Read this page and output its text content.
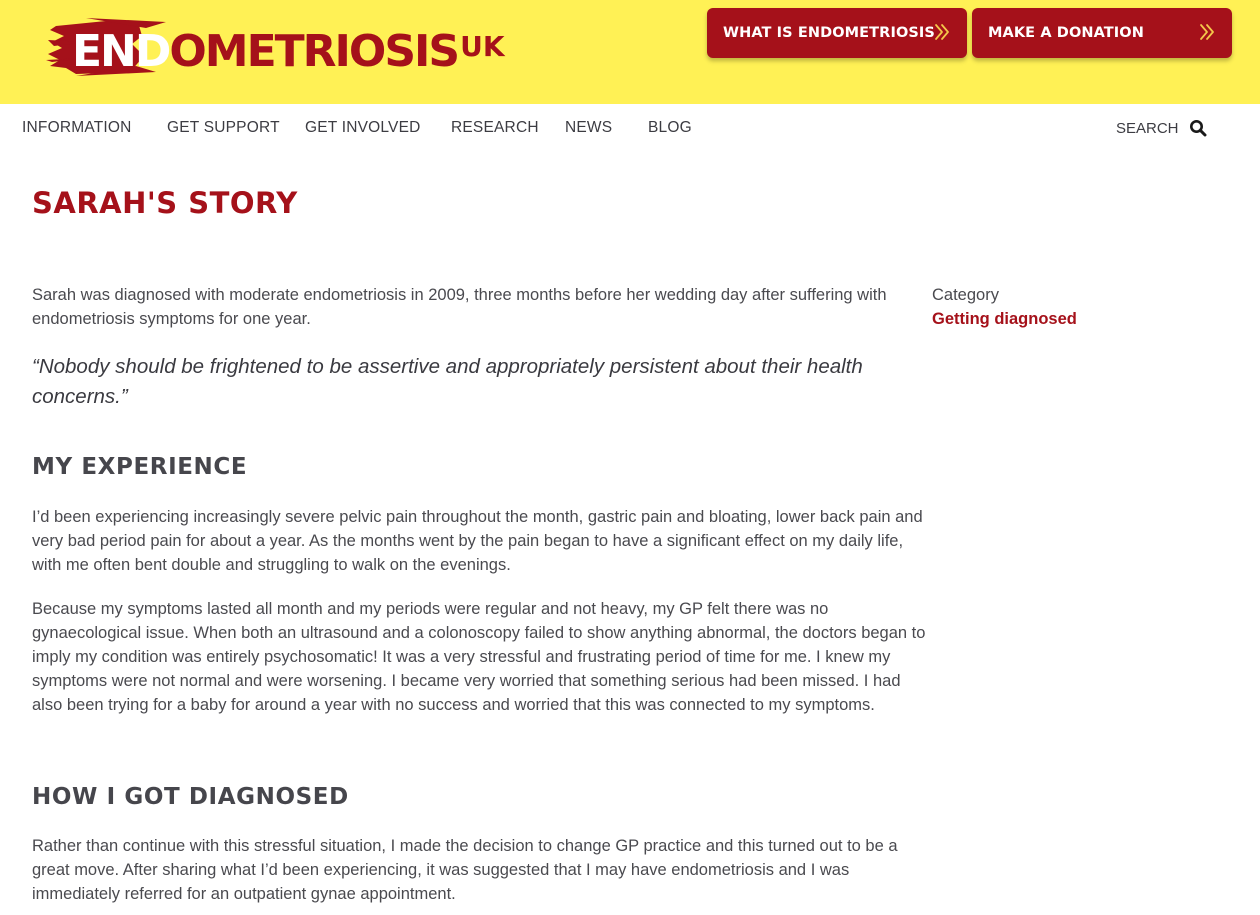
$ENDOMETRIOSIS^{UK}$	WHAT IS ENDOMETRIOSIS	MAKE A DONATION
INFORMATION GET SUPPORT GET INVOLVED RESEARCH NEWS BLOG	SEARCH
SARAH'S STORY

Sarah was diagnosed with moderate endometriosis in 2009, three months before her wedding day after suffering with endometriosis symptoms for one year.

“Nobody should be frightened to be assertive and appropriately persistent about their health concerns.”

MY EXPERIENCE

I’d been experiencing increasingly severe pelvic pain throughout the month, gastric pain and bloating, lower back pain and very bad period pain for about a year. As the months went by the pain began to have a significant effect on my daily life, with me often bent double and struggling to walk on the evenings.

Because my symptoms lasted all month and my periods were regular and not heavy, my GP felt there was no gynaecological issue. When both an ultrasound and a colonoscopy failed to show anything abnormal, the doctors began to imply my condition was entirely psychosomatic! It was a very stressful and frustrating period of time for me. I knew my symptoms were not normal and were worsening. I became very worried that something serious had been missed. I had also been trying for a baby for around a year with no success and worried that this was connected to my symptoms.

HOW I GOT DIAGNOSED

Rather than continue with this stressful situation, I made the decision to change GP practice and this turned out to be a great move. After sharing what I’d been experiencing, it was suggested that I may have endometriosis and I was immediately referred for an outpatient gynae appointment.

Category
Getting diagnosed
